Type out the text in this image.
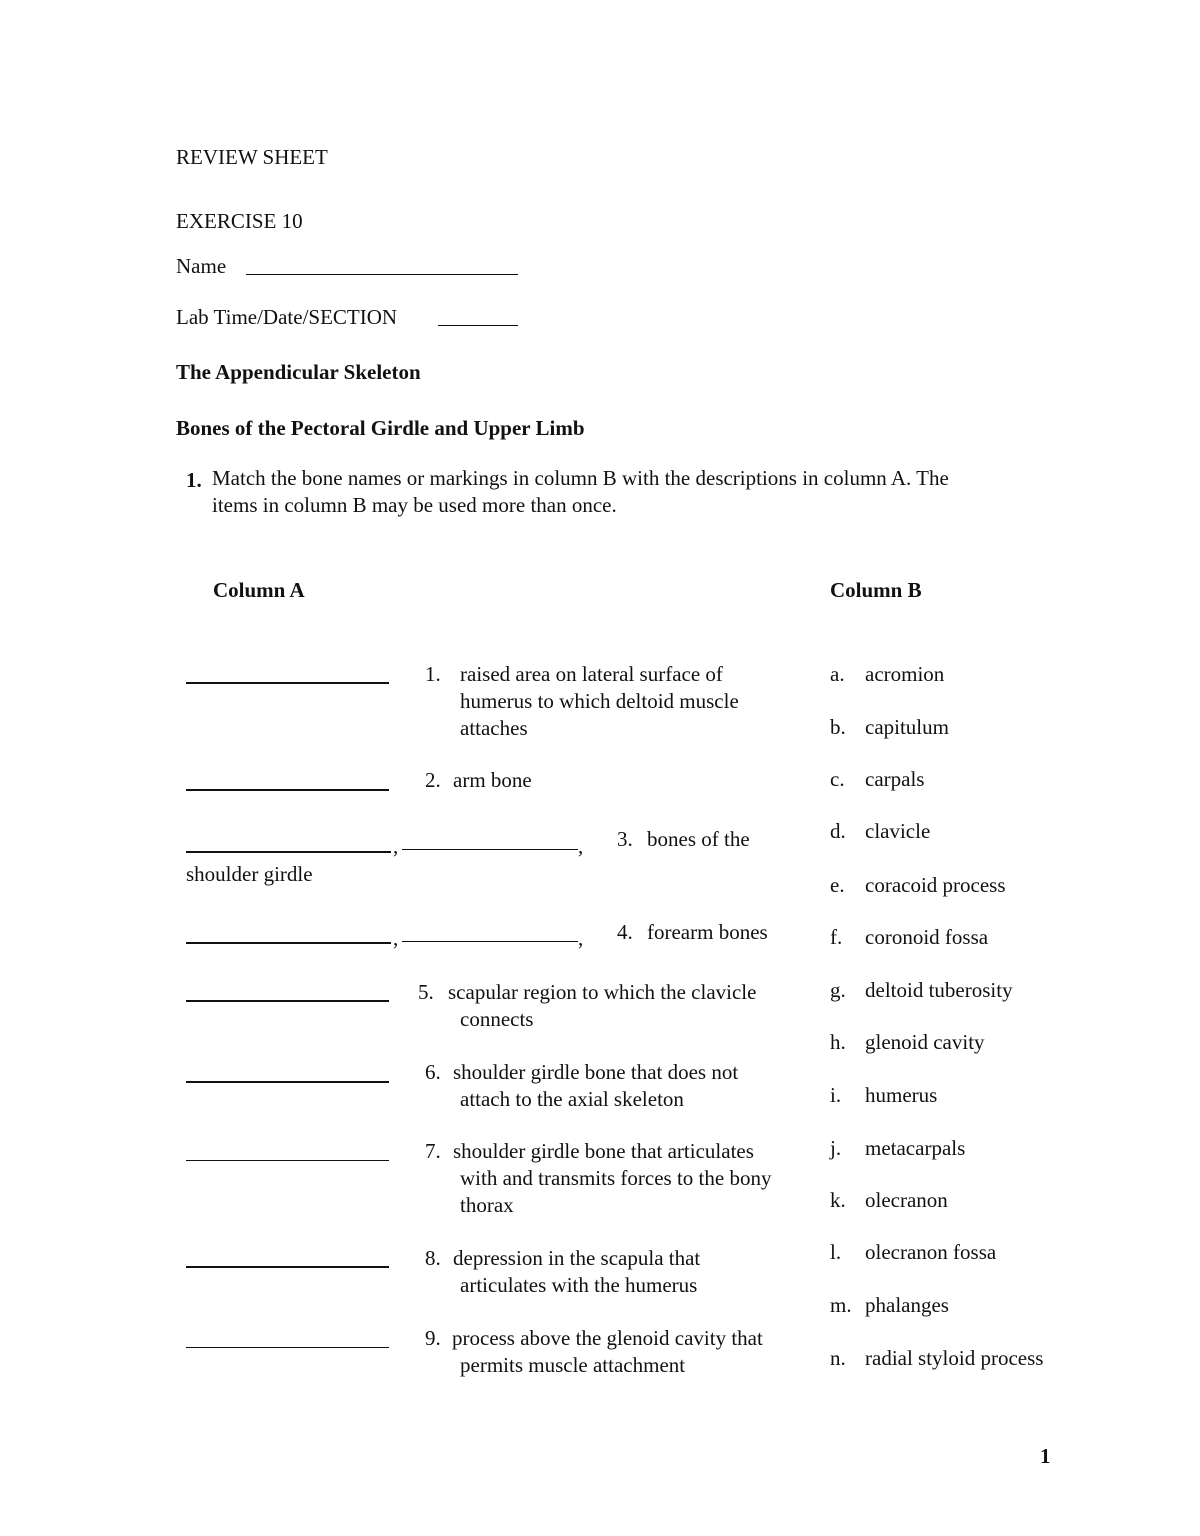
REVIEW SHEET
EXERCISE 10
Name
Lab Time/Date/SECTION
The Appendicular Skeleton
Bones of the Pectoral Girdle and Upper Limb
1. Match the bone names or markings in column B with the descriptions in column A. The
items in column B may be used more than once.
Column A	Column B
1. raised area on lateral surface of
humerus to which deltoid muscle
attaches
2. arm bone
,	, 3. bones of the
shoulder girdle
,	, 4. forearm bones
5. scapular region to which the clavicle
connects
6. shoulder girdle bone that does not
attach to the axial skeleton
7. shoulder girdle bone that articulates
with and transmits forces to the bony
thorax
8. depression in the scapula that
articulates with the humerus
9. process above the glenoid cavity that
permits muscle attachment
a. acromion
b. capitulum
c. carpals
d. clavicle
e. coracoid process
f. coronoid fossa
g. deltoid tuberosity
h. glenoid cavity
i. humerus
j. metacarpals
k. olecranon
l. olecranon fossa
m. phalanges
n. radial styloid process
1
